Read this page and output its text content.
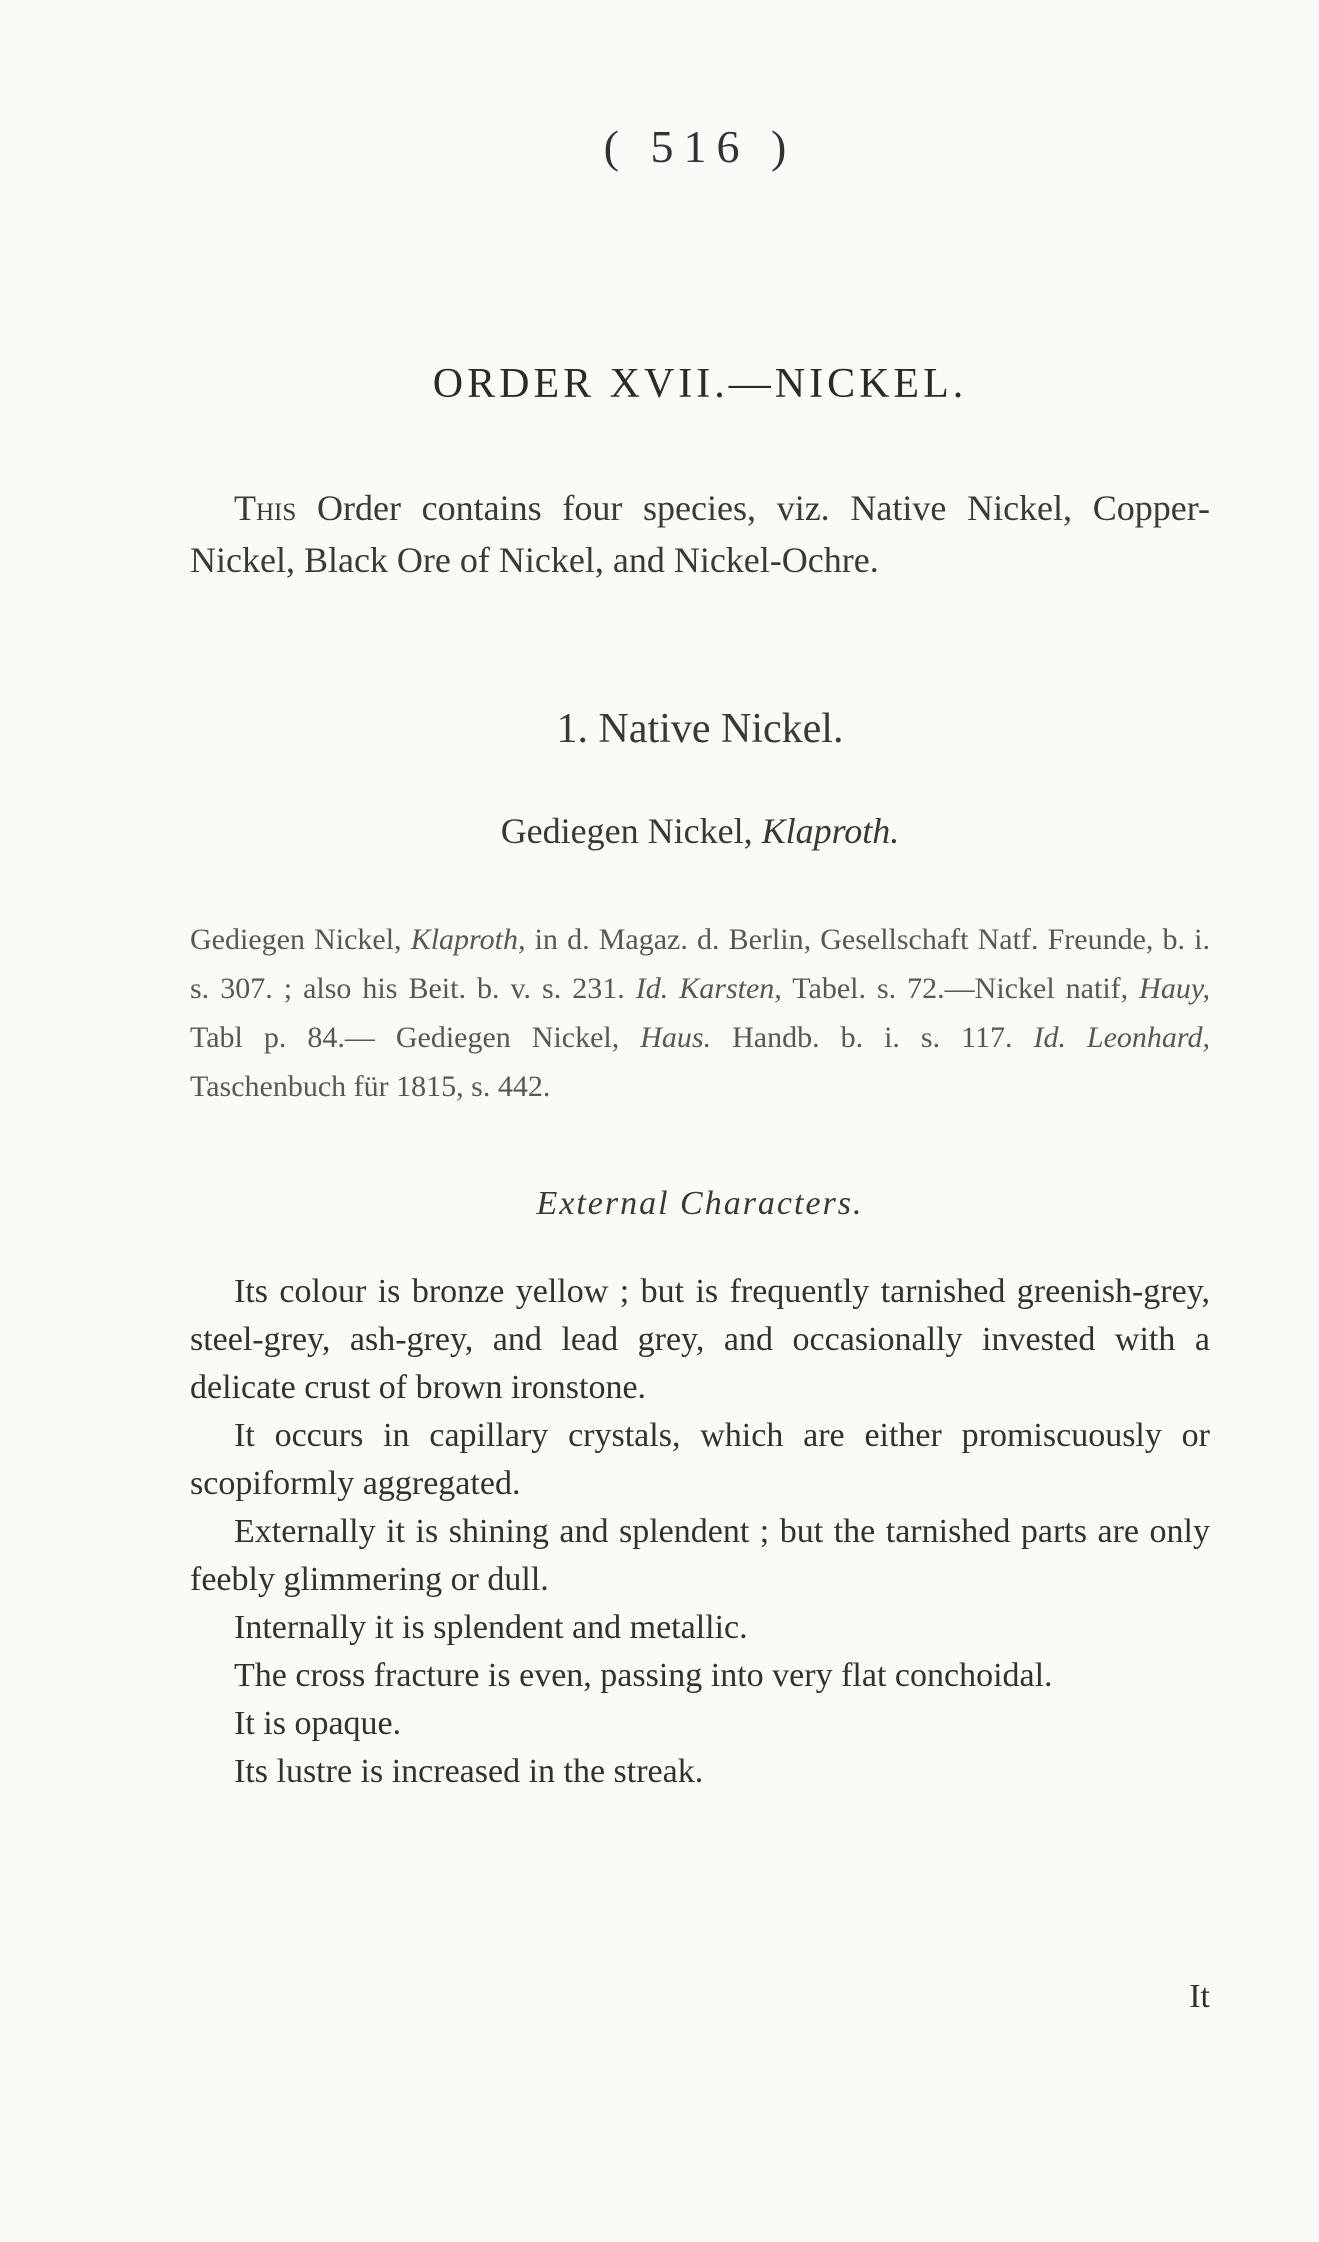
( 516 )
ORDER XVII.—NICKEL.
This Order contains four species, viz. Native Nickel, Copper-Nickel, Black Ore of Nickel, and Nickel-Ochre.
1. Native Nickel.
Gediegen Nickel, Klaproth.
Gediegen Nickel, Klaproth, in d. Magaz. d. Berlin, Gesellschaft Natf. Freunde, b. i. s. 307. ; also his Beit. b. v. s. 231. Id. Karsten, Tabel. s. 72.—Nickel natif, Hauy, Tabl p. 84.— Gediegen Nickel, Haus. Handb. b. i. s. 117. Id. Leonhard, Taschenbuch für 1815, s. 442.
External Characters.

Its colour is bronze yellow ; but is frequently tarnished greenish-grey, steel-grey, ash-grey, and lead grey, and occasionally invested with a delicate crust of brown ironstone.

It occurs in capillary crystals, which are either promiscuously or scopiformly aggregated.

Externally it is shining and splendent ; but the tarnished parts are only feebly glimmering or dull.

Internally it is splendent and metallic.

The cross fracture is even, passing into very flat conchoidal.

It is opaque.

Its lustre is increased in the streak.

It
